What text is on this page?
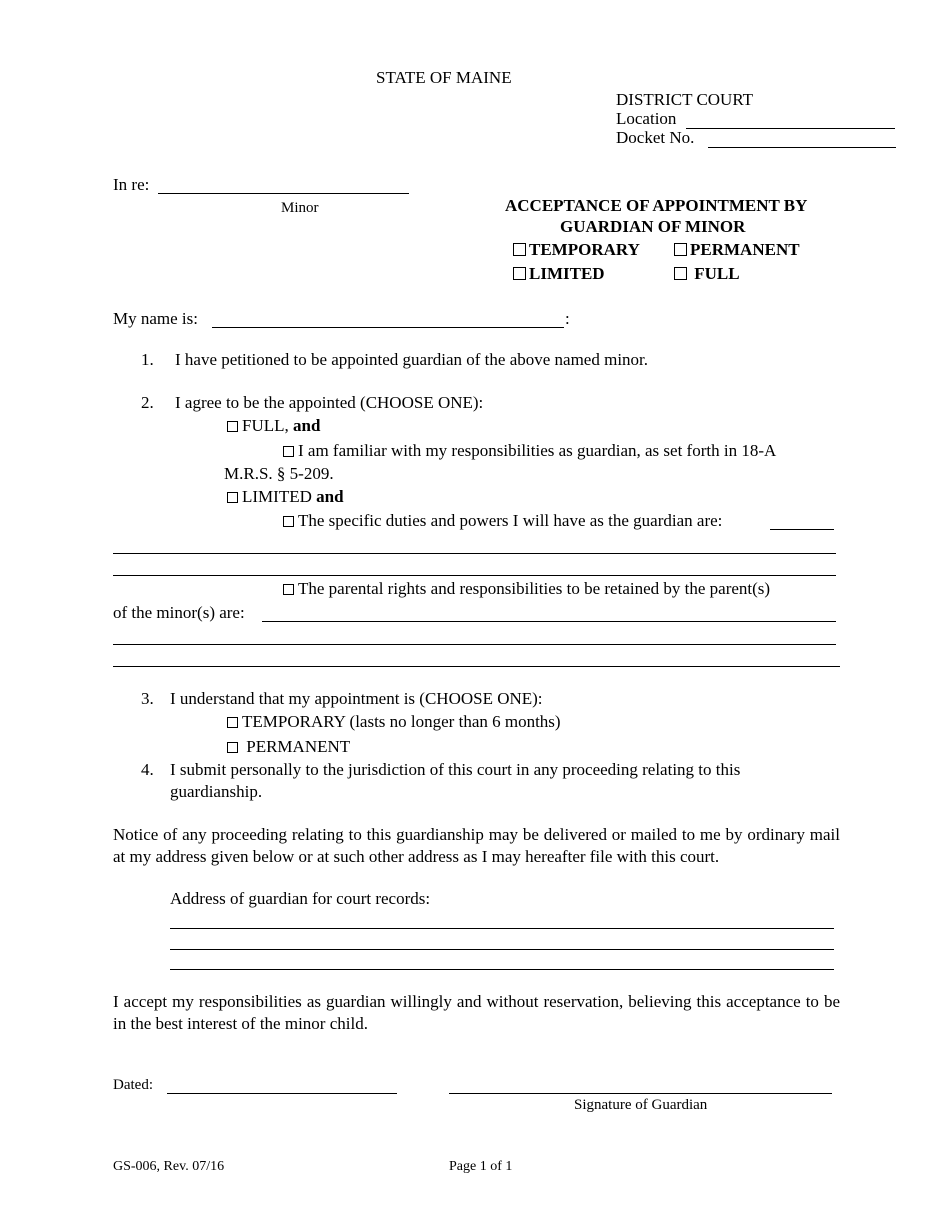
STATE OF MAINE
DISTRICT COURT
Location
Docket No.
In re:
Minor	ACCEPTANCE OF APPOINTMENT BY
GUARDIAN OF MINOR
TEMPORARY	PERMANENT
LIMITED	FULL
My name is:	:
1. I have petitioned to be appointed guardian of the above named minor.
2. I agree to be the appointed (CHOOSE ONE):
FULL, and
I am familiar with my responsibilities as guardian, as set forth in 18-A
M.R.S. § 5-209.
LIMITED and
The specific duties and powers I will have as the guardian are:
The parental rights and responsibilities to be retained by the parent(s)
of the minor(s) are:
3. I understand that my appointment is (CHOOSE ONE):
TEMPORARY (lasts no longer than 6 months)
PERMANENT
4. I submit personally to the jurisdiction of this court in any proceeding relating to this
guardianship.
Notice of any proceeding relating to this guardianship may be delivered or mailed to me by ordinary mail at my address given below or at such other address as I may hereafter file with this court.
Address of guardian for court records:
I accept my responsibilities as guardian willingly and without reservation, believing this acceptance to be in the best interest of the minor child.
Dated:
Signature of Guardian
GS-006, Rev. 07/16	Page 1 of 1
